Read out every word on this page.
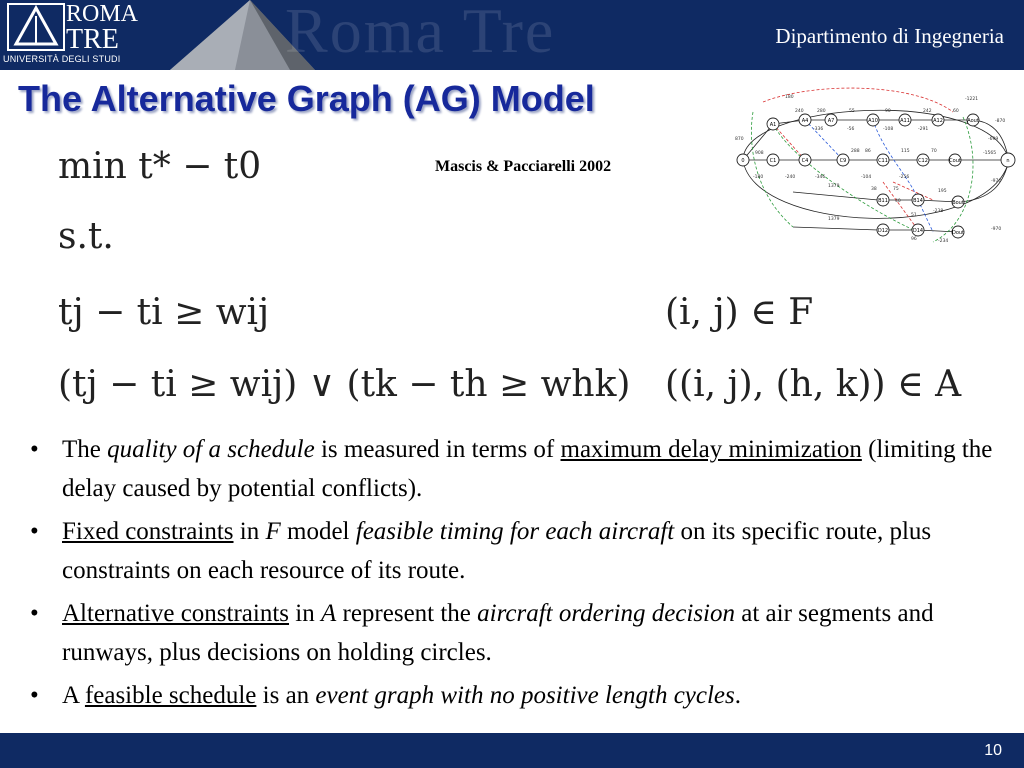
Roma Tre
ROMA
TRE
UNIVERSITÀ DEGLI STUDI
Dipartimento di Ingegneria
The Alternative Graph (AG) Model
min t* − t0
s.t.
tj − ti ≥ wij	(i, j) ∈ F
(tj − ti ≥ wij) ∨ (tk − th ≥ whk) ((i, j), (h, k)) ∈ A
Mascis & Pacciarelli 2002	0
A1
A4	A7	A10	A11	A12	Aout
C1	C4	C9	C11	C12	Cout
B11	B14	Bout
D12	D14	Dout
n
-1221
-870
-699
-1565
-970
-970
870
180
240	280	55	90	242
-336	-56	-108	-291
1379
1379
908
-180	-240	-346	-104	-256
38	75	195
-238
-234
51
96
40
288 86	115	70
60
• The quality of a schedule is measured in terms of maximum delay minimization (limiting the delay caused by potential conflicts).
• Fixed constraints in F model feasible timing for each aircraft on its specific route, plus constraints on each resource of its route.
• Alternative constraints in A represent the aircraft ordering decision at air segments and runways, plus decisions on holding circles.
• A feasible schedule is an event graph with no positive length cycles.
10
